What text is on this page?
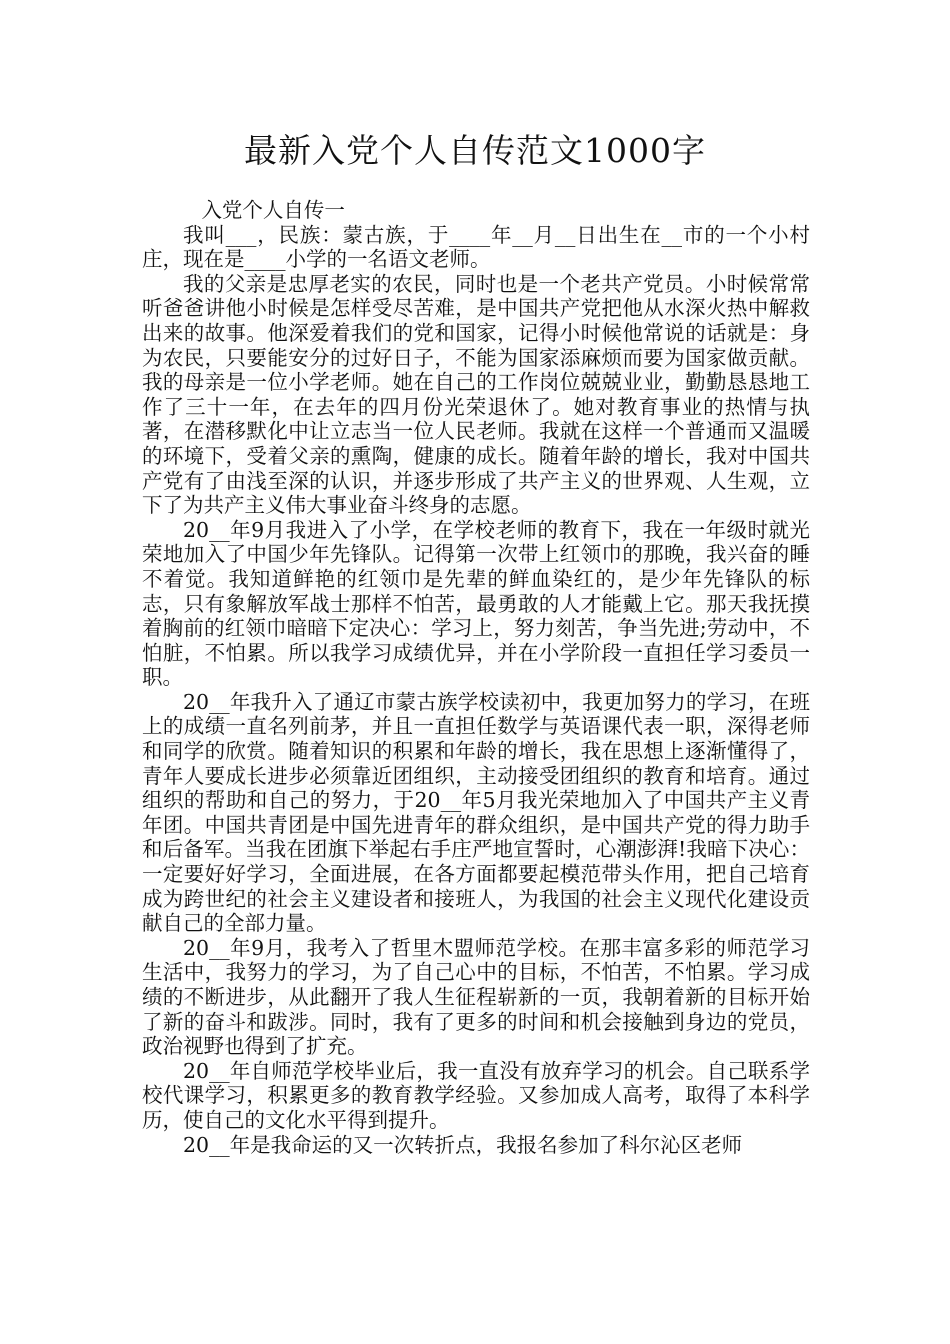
最新入党个人自传范文1000字

入党个人自传一

我叫___，民族：蒙古族，于____年__月__日出生在__市的一个小村庄，现在是____小学的一名语文老师。

我的父亲是忠厚老实的农民，同时也是一个老共产党员。小时候常常听爸爸讲他小时候是怎样受尽苦难，是中国共产党把他从水深火热中解救出来的故事。他深爱着我们的党和国家，记得小时候他常说的话就是：身为农民，只要能安分的过好日子，不能为国家添麻烦而要为国家做贡献。我的母亲是一位小学老师。她在自己的工作岗位兢兢业业，勤勤恳恳地工作了三十一年，在去年的四月份光荣退休了。她对教育事业的热情与执著，在潜移默化中让立志当一位人民老师。我就在这样一个普通而又温暖的环境下，受着父亲的熏陶，健康的成长。随着年龄的增长，我对中国共产党有了由浅至深的认识，并逐步形成了共产主义的世界观、人生观，立下了为共产主义伟大事业奋斗终身的志愿。

20__年9月我进入了小学，在学校老师的教育下，我在一年级时就光荣地加入了中国少年先锋队。记得第一次带上红领巾的那晚，我兴奋的睡不着觉。我知道鲜艳的红领巾是先辈的鲜血染红的，是少年先锋队的标志，只有象解放军战士那样不怕苦，最勇敢的人才能戴上它。那天我抚摸着胸前的红领巾暗暗下定决心：学习上，努力刻苦，争当先进;劳动中，不怕脏，不怕累。所以我学习成绩优异，并在小学阶段一直担任学习委员一职。

20__年我升入了通辽市蒙古族学校读初中，我更加努力的学习，在班上的成绩一直名列前茅，并且一直担任数学与英语课代表一职，深得老师和同学的欣赏。随着知识的积累和年龄的增长，我在思想上逐渐懂得了，青年人要成长进步必须靠近团组织，主动接受团组织的教育和培育。通过组织的帮助和自己的努力，于20__年5月我光荣地加入了中国共产主义青年团。中国共青团是中国先进青年的群众组织，是中国共产党的得力助手和后备军。当我在团旗下举起右手庄严地宣誓时，心潮澎湃!我暗下决心：一定要好好学习，全面进展，在各方面都要起模范带头作用，把自己培育成为跨世纪的社会主义建设者和接班人，为我国的社会主义现代化建设贡献自己的全部力量。

20__年9月，我考入了哲里木盟师范学校。在那丰富多彩的师范学习生活中，我努力的学习，为了自己心中的目标，不怕苦，不怕累。学习成绩的不断进步，从此翻开了我人生征程崭新的一页，我朝着新的目标开始了新的奋斗和跋涉。同时，我有了更多的时间和机会接触到身边的党员，政治视野也得到了扩充。

20__年自师范学校毕业后，我一直没有放弃学习的机会。自己联系学校代课学习，积累更多的教育教学经验。又参加成人高考，取得了本科学历，使自己的文化水平得到提升。

20__年是我命运的又一次转折点，我报名参加了科尔沁区老师
